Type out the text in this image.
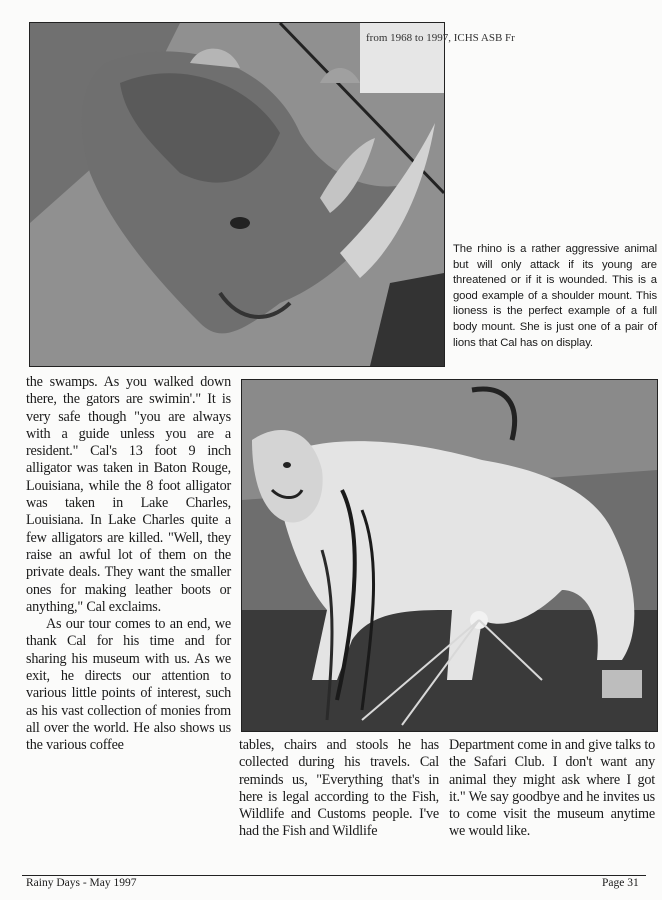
from 1968 to 1997, ICHS ASB Fr
The rhino is a rather aggressive animal but will only attack if its young are threatened or if it is wounded. This is a good example of a shoulder mount. This lioness is the perfect example of a full body mount. She is just one of a pair of lions that Cal has on display.

the swamps. As you walked down there, the gators are swimin'." It is very safe though "you are always with a guide unless you are a resident." Cal's 13 foot 9 inch alligator was taken in Baton Rouge, Louisiana, while the 8 foot alligator was taken in Lake Charles, Louisiana. In Lake Charles quite a few alligators are killed. "Well, they raise an awful lot of them on the private deals. They want the smaller ones for making leather boots or anything," Cal exclaims.

As our tour comes to an end, we thank Cal for his time and for sharing his museum with us. As we exit, he directs our attention to various little points of interest, such as his vast collection of monies from all over the world. He also shows us the various coffee	tables, chairs and stools he has collected during his travels. Cal reminds us, "Everything that's in here is legal according to the Fish, Wildlife and Customs people. I've had the Fish and Wildlife

Department come in and give talks to the Safari Club. I don't want any animal they might ask where I got it." We say goodbye and he invites us to come visit the museum anytime we would like.

Rainy Days - May 1997	Page 31
